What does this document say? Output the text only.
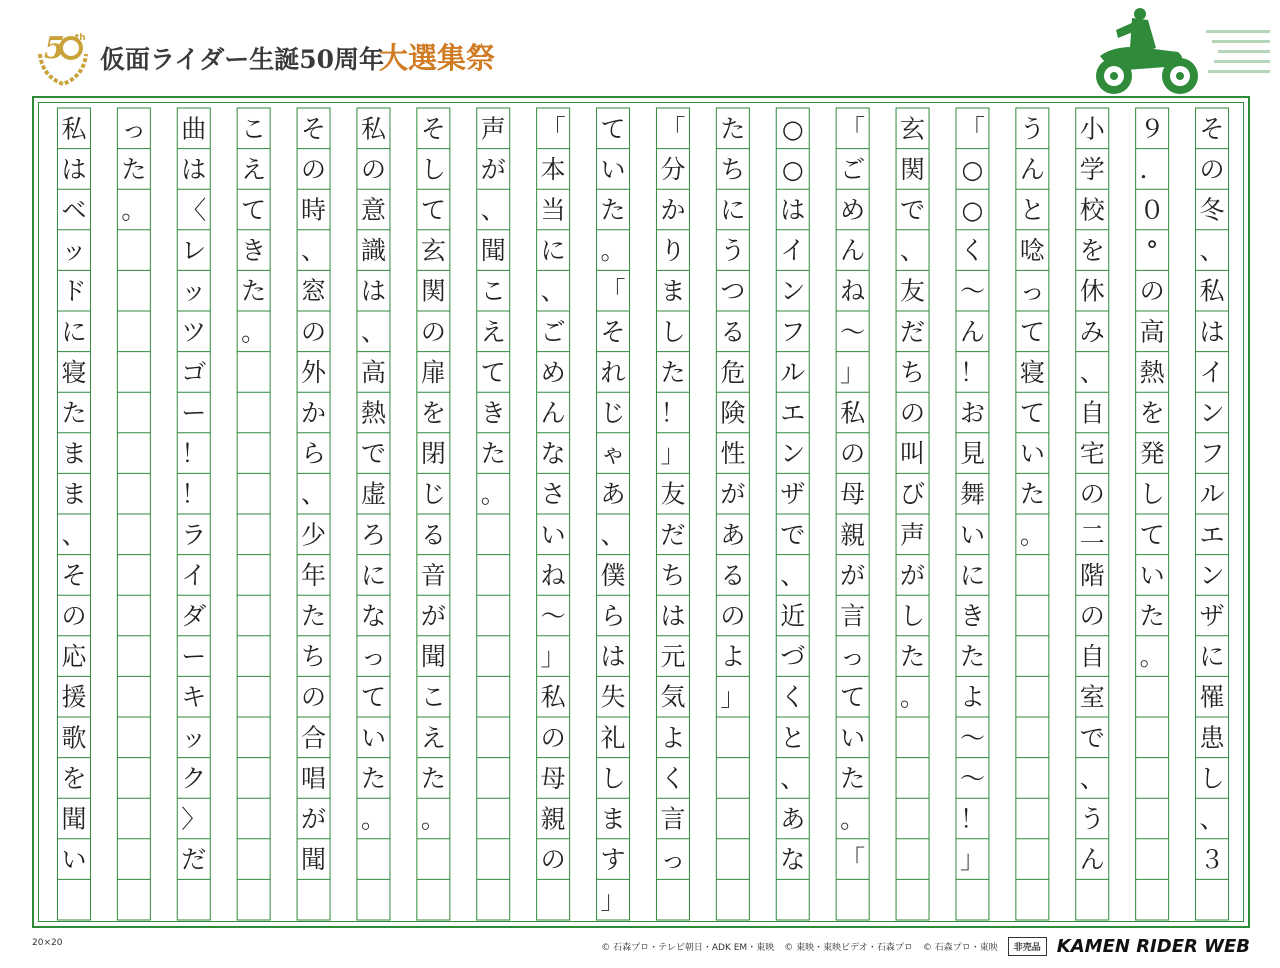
5 th
仮面ライダー生誕50周年
大選集祭
そ
の
冬
、
私
は
イ
ン
フ
ル
エ
ン
ザ
に
罹
患
し
、
３
９
．
０
°
の
高
熱
を
発
し
て
い
た
。
小
学
校
を
休
み
、
自
宅
の
二
階
の
自
室
で
、
う
ん
う
ん
と
唸
っ
て
寝
て
い
た
。
「
○
○
く
～
ん
！
お
見
舞
い
に
き
た
よ
～
～
！
」
玄
関
で
、
友
だ
ち
の
叫
び
声
が
し
た
。
「
ご
め
ん
ね
～
」
私
の
母
親
が
言
っ
て
い
た
。
「
○
○
は
イ
ン
フ
ル
エ
ン
ザ
で
、
近
づ
く
と
、
あ
な
た
ち
に
う
つ
る
危
険
性
が
あ
る
の
よ
」
「
分
か
り
ま
し
た
！
」
友
だ
ち
は
元
気
よ
く
言
っ
て
い
た
。
「
そ
れ
じ
ゃ
あ
、
僕
ら
は
失
礼
し
ま
す
」
「
本
当
に
、
ご
め
ん
な
さ
い
ね
～
」
私
の
母
親
の
声
が
、
聞
こ
え
て
き
た
。
そ
し
て
玄
関
の
扉
を
閉
じ
る
音
が
聞
こ
え
た
。
私
の
意
識
は
、
高
熱
で
虚
ろ
に
な
っ
て
い
た
。
そ
の
時
、
窓
の
外
か
ら
、
少
年
た
ち
の
合
唱
が
聞
こ
え
て
き
た
。
曲
は
〈
レ
ッ
ツ
ゴ
ー
！
！
ラ
イ
ダ
ー
キ
ッ
ク
〉
だ
っ
た
。
私
は
ベ
ッ
ド
に
寝
た
ま
ま
、
そ
の
応
援
歌
を
聞
い
20×20	© 石森プロ・テレビ朝日・ADK EM・東映 © 東映・東映ビデオ・石森プロ © 石森プロ・東映	非売品 KAMEN RIDER WEB
